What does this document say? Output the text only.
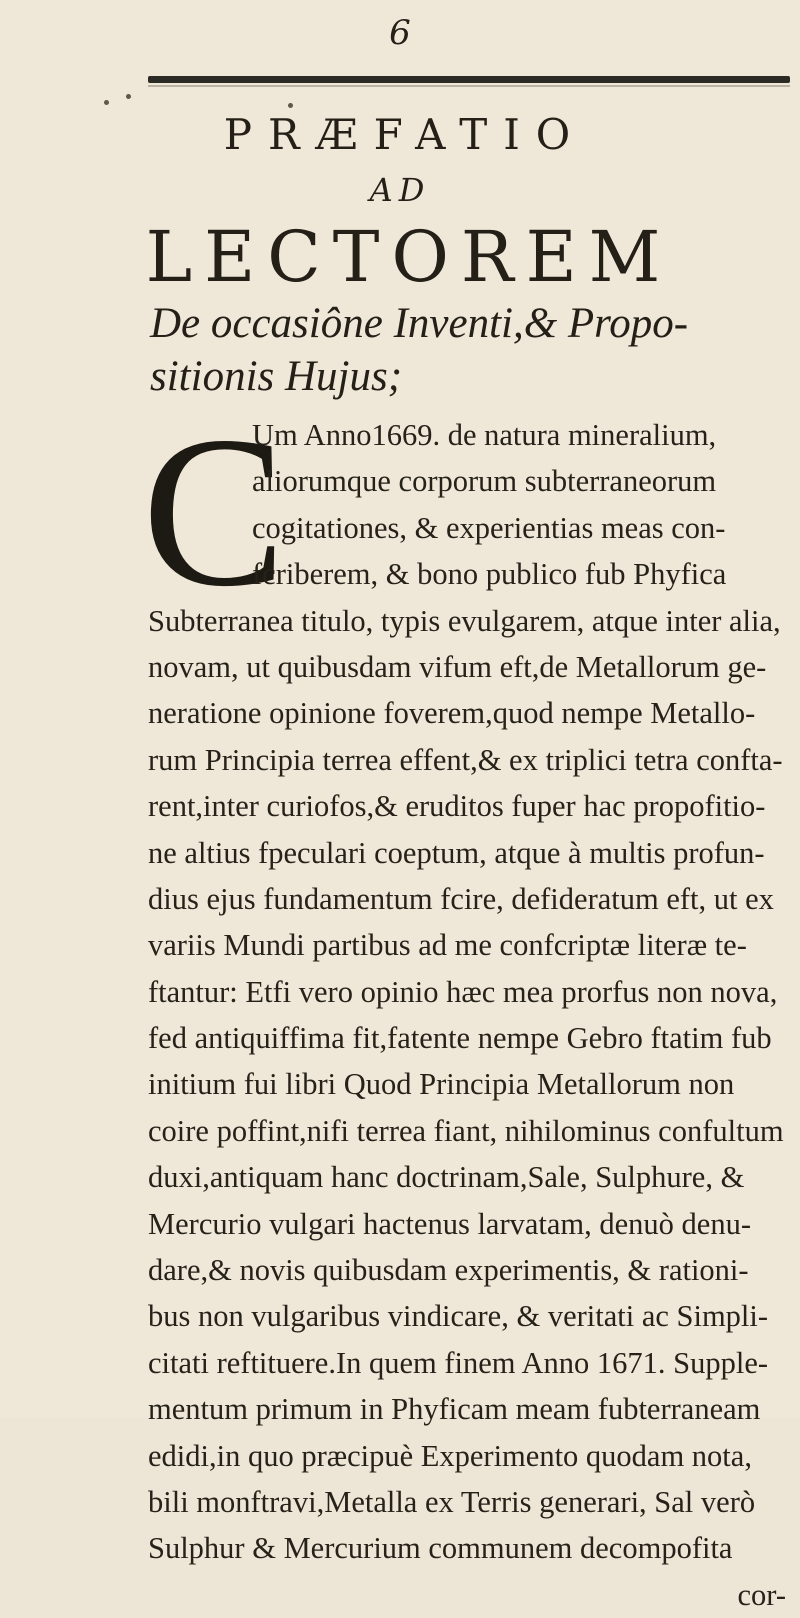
6
PRÆFATIO
AD
LECTOREM
De occasiône Inventi,& Propo-
sitionis Hujus;
C
Um Anno1669. de natura mineralium,
aliorumque corporum subterraneorum
cogitationes, & experientias meas con-
fcriberem, & bono publico fub Phyfica
Subterranea titulo, typis evulgarem, atque inter alia,
novam, ut quibusdam vifum eft,de Metallorum ge-
neratione opinione foverem,quod nempe Metallo-
rum Principia terrea effent,& ex triplici tetra confta-
rent,inter curiofos,& eruditos fuper hac propofitio-
ne altius fpeculari coeptum, atque à multis profun-
dius ejus fundamentum fcire, defideratum eft, ut ex
variis Mundi partibus ad me confcriptæ literæ te-
ftantur: Etfi vero opinio hæc mea prorfus non nova,
fed antiquiffima fit,fatente nempe Gebro ftatim fub
initium fui libri Quod Principia Metallorum non
coire poffint,nifi terrea fiant, nihilominus confultum
duxi,antiquam hanc doctrinam,Sale, Sulphure, &
Mercurio vulgari hactenus larvatam, denuò denu-
dare,& novis quibusdam experimentis, & rationi-
bus non vulgaribus vindicare, & veritati ac Simpli-
citati reftituere.In quem finem Anno 1671. Supple-
mentum primum in Phyficam meam fubterraneam
edidi,in quo præcipuè Experimento quodam nota,
bili monftravi,Metalla ex Terris generari, Sal verò
Sulphur & Mercurium communem decompofita
cor-
